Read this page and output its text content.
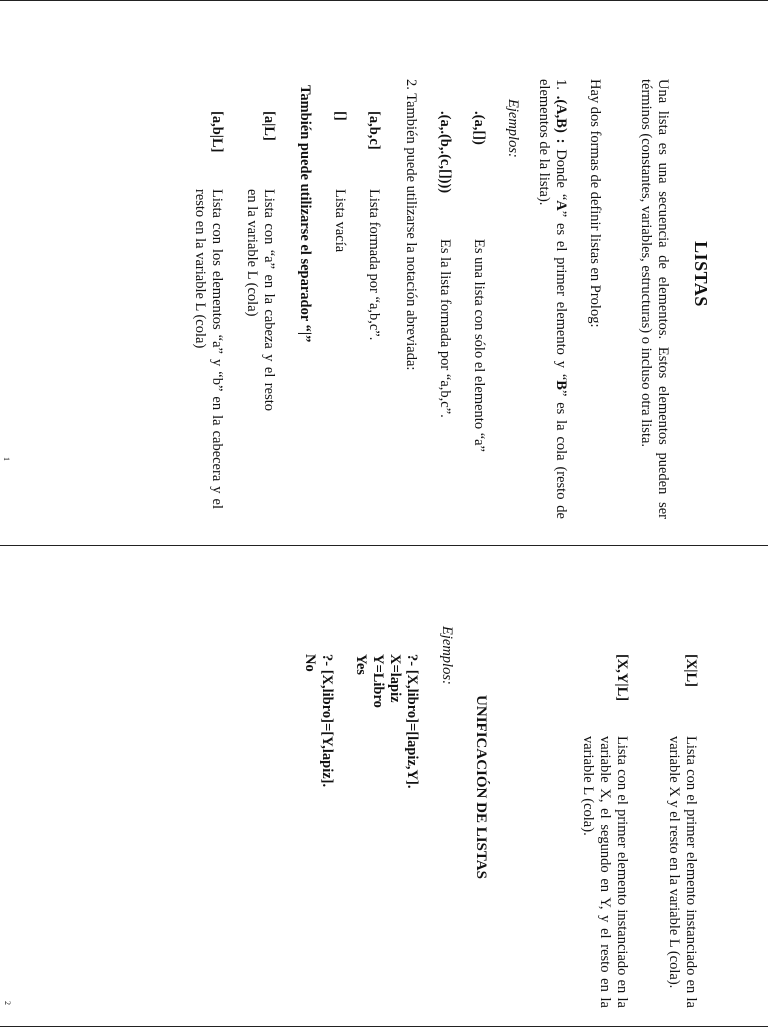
LISTAS
Una lista es una secuencia de elementos. Estos elementos pueden ser términos (constantes, variables, estructuras) o incluso otra lista.
Hay dos formas de definir listas en Prolog:
1. .(A,B) : Donde “A” es el primer elemento y “B” es la cola (resto de elementos de la lista).
Ejemplos:
.(a,[])
Es una lista con sólo el elemento “a”
.(a,.(b,.(c,[])))
Es la lista formada por “a,b,c”.
2. También puede utilizarse la notación abreviada:
[a,b,c]
Lista formada por “a,b,c”.
[]
Lista vacía
También puede utilizarse el separador “|”
[a|L]
Lista con “a” en la cabeza y el resto en la variable L (cola)
[a,b|L]
Lista con los elementos “a” y “b” en la cabecera y el resto en la variable L (cola)
1
[X|L]
Lista con el primer elemento instanciado en la variable X y el resto en la variable L (cola).
[X,Y|L]
Lista con el primer elemento instanciado en la variable X, el segundo en Y, y el resto en la variable L (cola).
UNIFICACIÓN DE LISTAS
Ejemplos:
?- [X,libro]=[lapiz,Y].
X=lapiz
Y=Libro
Yes
?- [X,libro]=[Y,lapiz].
No
2
